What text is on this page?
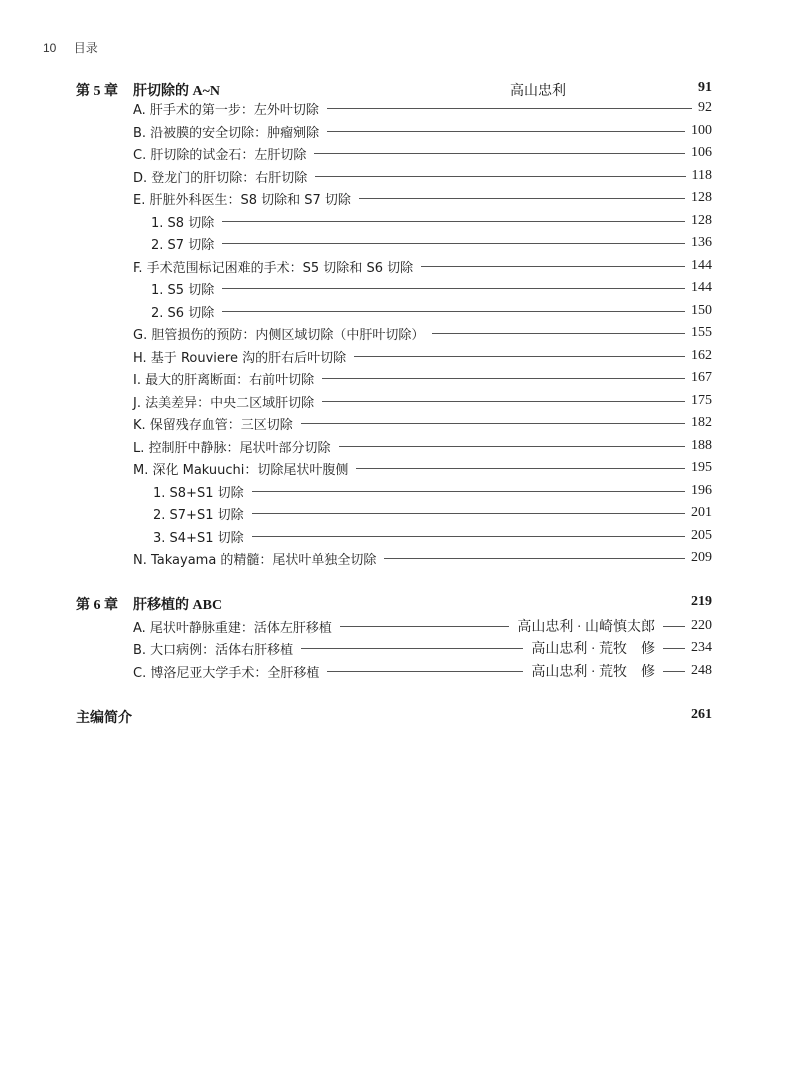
10 目录
第 5 章 肝切除的 A~N	高山忠利	91
A. 肝手术的第一步：左外叶切除	92
B. 沿被膜的安全切除：肿瘤剜除	100
C. 肝切除的试金石：左肝切除	106
D. 登龙门的肝切除：右肝切除	118
E. 肝脏外科医生：S8 切除和 S7 切除	128
1. S8 切除	128
2. S7 切除	136
F. 手术范围标记困难的手术：S5 切除和 S6 切除	144
1. S5 切除	144
2. S6 切除	150
G. 胆管损伤的预防：内侧区域切除（中肝叶切除）	155
H. 基于 Rouviere 沟的肝右后叶切除	162
I. 最大的肝离断面：右前叶切除	167
J. 法美差异：中央二区域肝切除	175
K. 保留残存血管：三区切除	182
L. 控制肝中静脉：尾状叶部分切除	188
M. 深化 Makuuchi：切除尾状叶腹侧	195
1. S8+S1 切除	196
2. S7+S1 切除	201
3. S4+S1 切除	205
N. Takayama 的精髓：尾状叶单独全切除	209
第 6 章 肝移植的 ABC	219
A. 尾状叶静脉重建：活体左肝移植	高山忠利 · 山崎慎太郎	220
B. 大口病例：活体右肝移植	高山忠利 · 荒牧　修	234
C. 博洛尼亚大学手术：全肝移植	高山忠利 · 荒牧　修	248
主编简介	261
